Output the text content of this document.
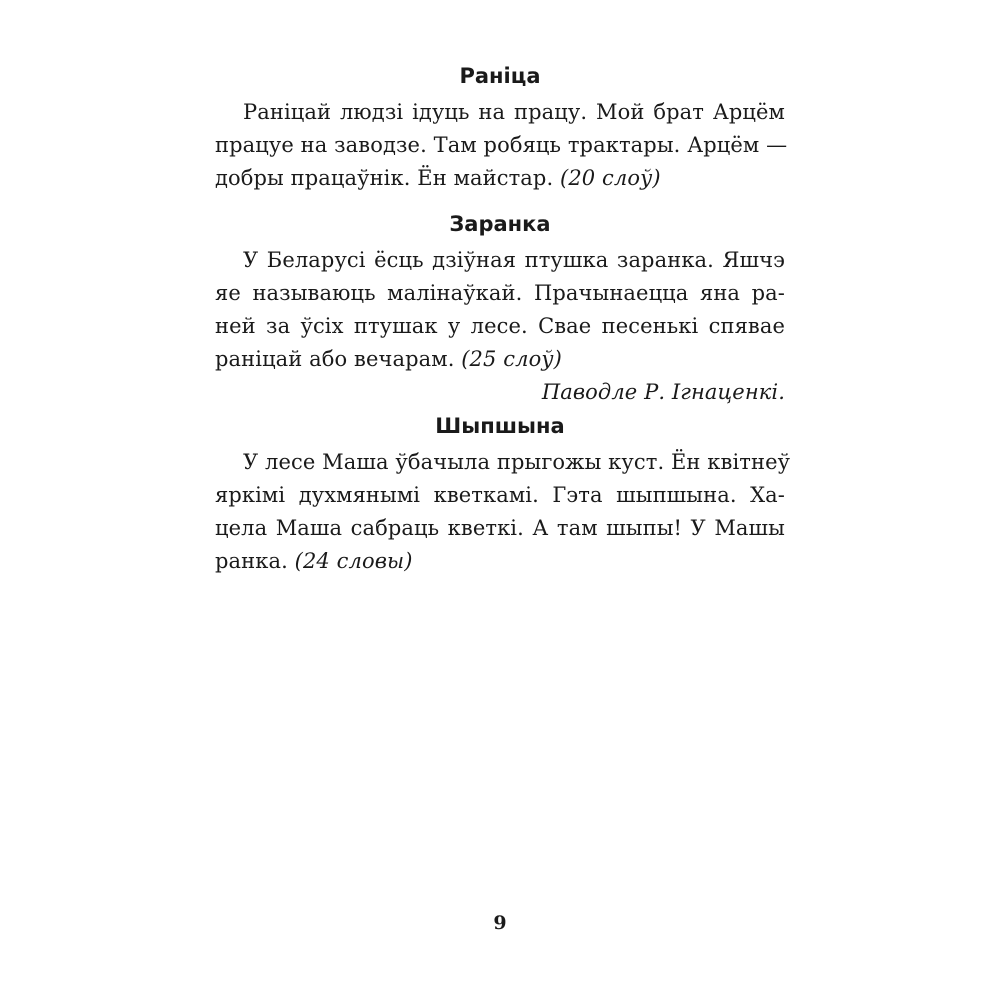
Раніца
Раніцай людзі ідуць на працу. Мой брат Арцём
працуе на заводзе. Там робяць трактары. Арцём —
добры працаўнік. Ён майстар. (20 слоў)
Заранка
У Беларусі ёсць дзіўная птушка заранка. Яшчэ
яе называюць малінаўкай. Прачынаецца яна ра-
ней за ўсіх птушак у лесе. Свае песенькі спявае
раніцай або вечарам. (25 слоў)
Паводле Р. Ігнаценкі.
Шыпшына
У лесе Маша ўбачыла прыгожы куст. Ён квітнеў
яркімі духмянымі кветкамі. Гэта шыпшына. Ха-
цела Маша сабраць кветкі. А там шыпы! У Машы
ранка. (24 словы)
9
